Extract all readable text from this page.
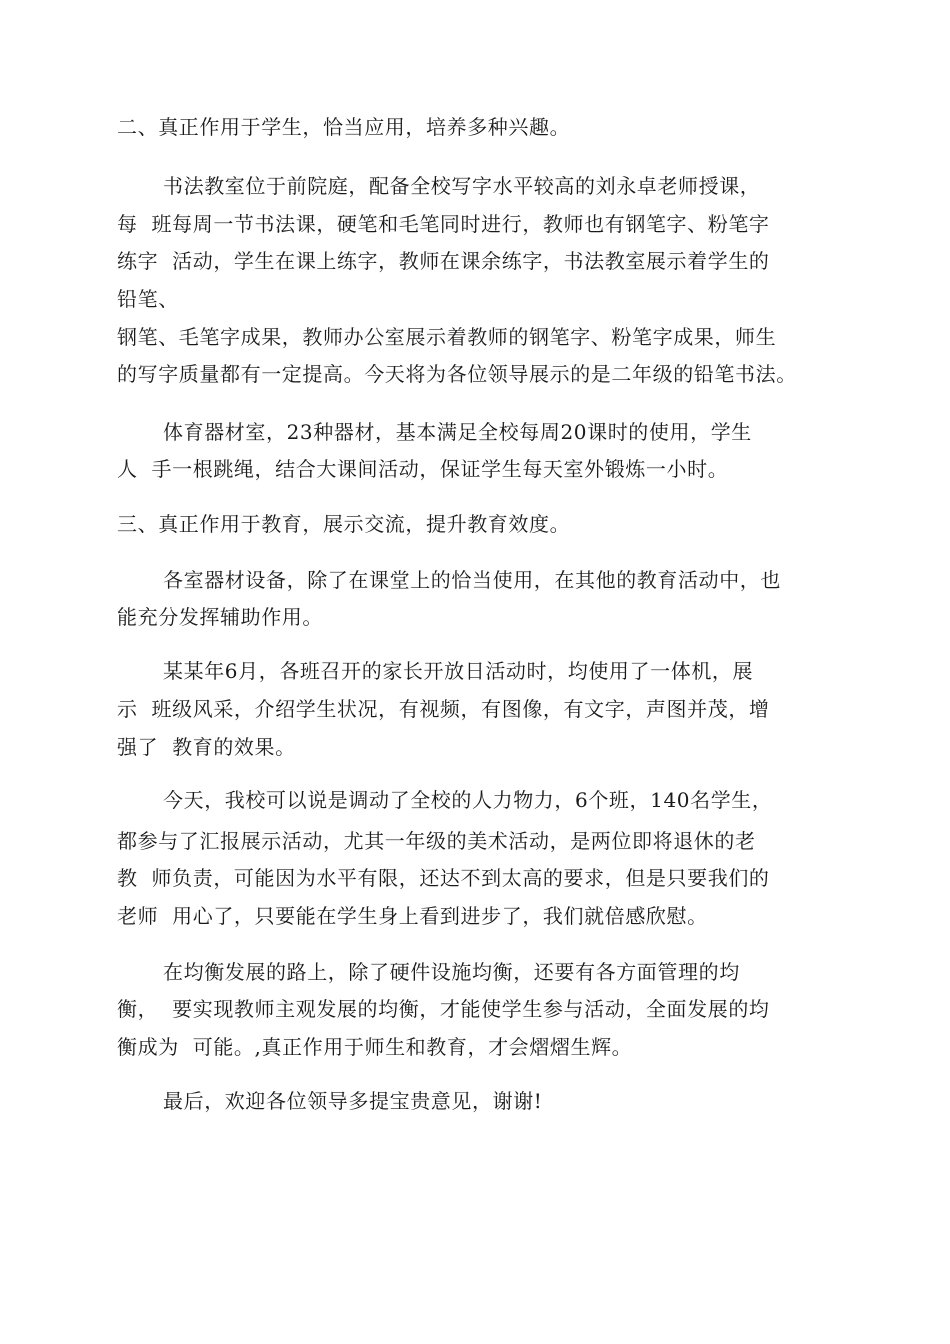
二、真正作用于学生，恰当应用，培养多种兴趣。
书法教室位于前院庭，配备全校写字水平较高的刘永卓老师授课，
每  班每周一节书法课，硬笔和毛笔同时进行，教师也有钢笔字、粉笔字
练字  活动，学生在课上练字，教师在课余练字，书法教室展示着学生的
铅笔、
钢笔、毛笔字成果，教师办公室展示着教师的钢笔字、粉笔字成果，师生
的写字质量都有一定提高。今天将为各位领导展示的是二年级的铅笔书法。
体育器材室，23种器材，基本满足全校每周20课时的使用，学生
人  手一根跳绳，结合大课间活动，保证学生每天室外锻炼一小时。
三、真正作用于教育，展示交流，提升教育效度。
各室器材设备，除了在课堂上的恰当使用，在其他的教育活动中，也
能充分发挥辅助作用。
某某年6月，各班召开的家长开放日活动时，均使用了一体机，展
示  班级风采，介绍学生状况，有视频，有图像，有文字，声图并茂，增
强了  教育的效果。
今天，我校可以说是调动了全校的人力物力，6个班，140名学生，
都参与了汇报展示活动，尤其一年级的美术活动，是两位即将退休的老
教  师负责，可能因为水平有限，还达不到太高的要求，但是只要我们的
老师  用心了，只要能在学生身上看到进步了，我们就倍感欣慰。
在均衡发展的路上，除了硬件设施均衡，还要有各方面管理的均
衡，  要实现教师主观发展的均衡，才能使学生参与活动，全面发展的均
衡成为  可能。,真正作用于师生和教育，才会熠熠生辉。
最后，欢迎各位领导多提宝贵意见，谢谢!
